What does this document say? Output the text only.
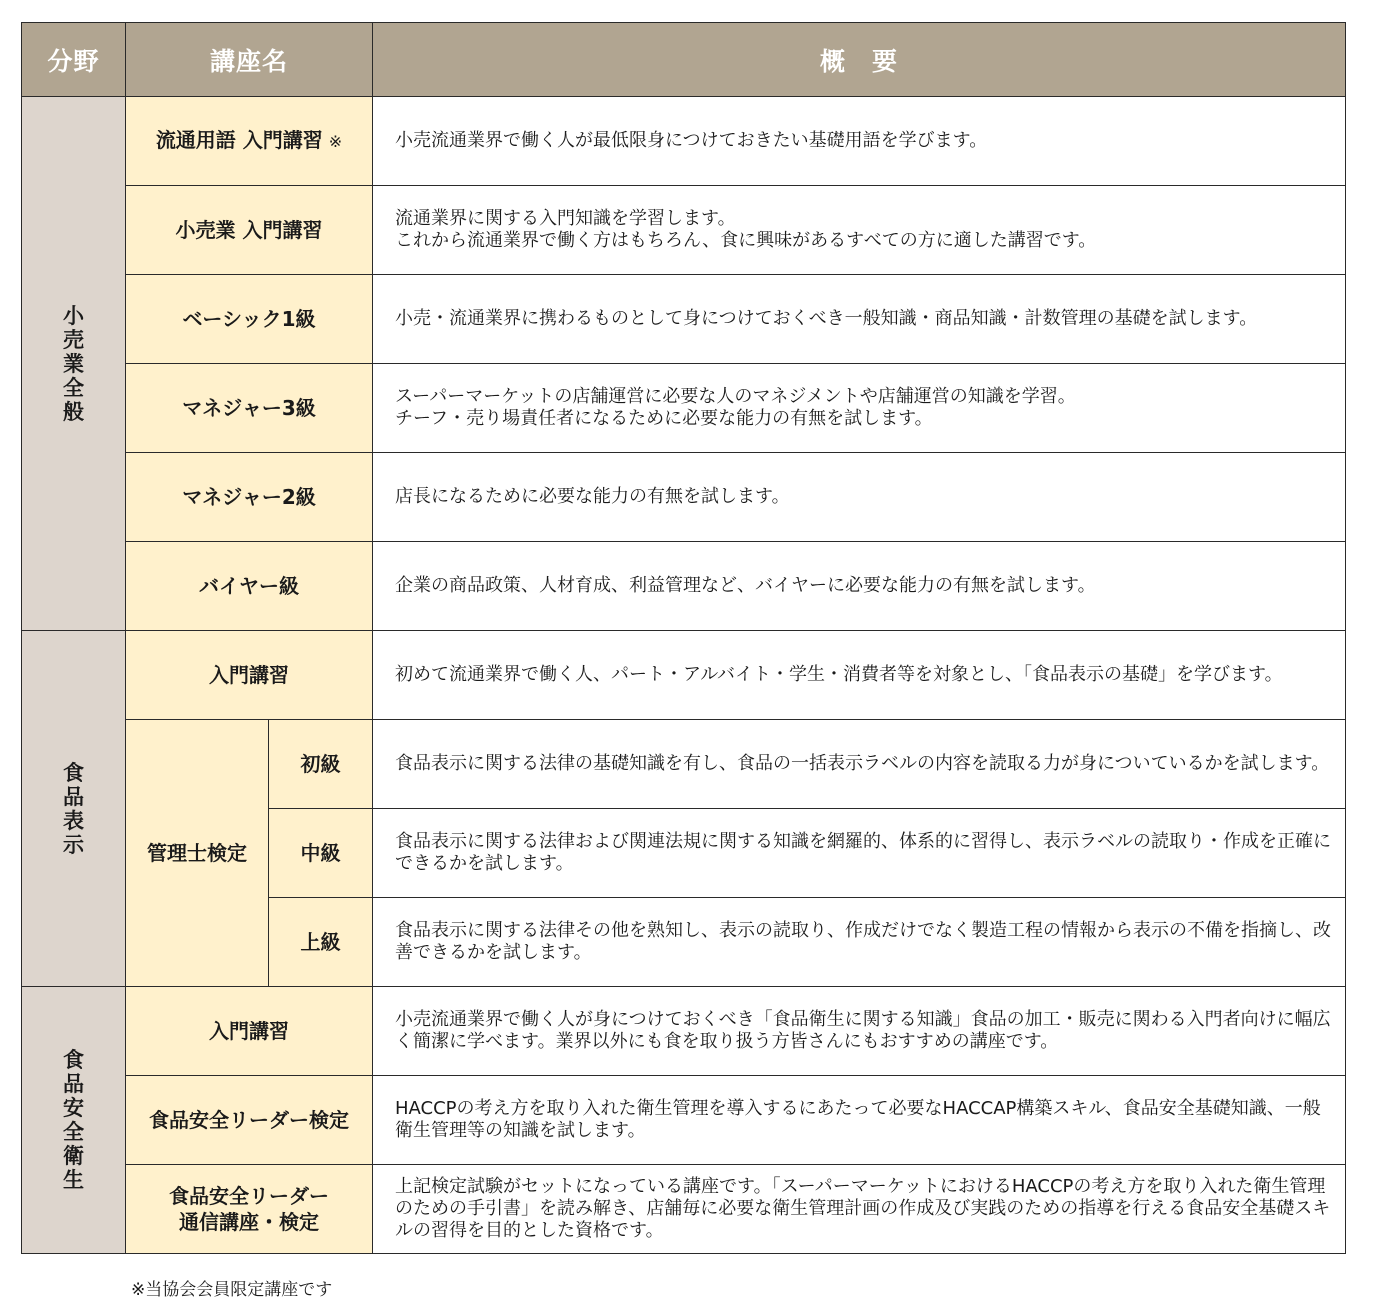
分野	講座名		概　要
小売業全般	流通用語 入門講習 ※		小売流通業界で働く人が最低限身につけておきたい基礎用語を学びます。
	小売業 入門講習		流通業界に関する入門知識を学習します。
これから流通業界で働く方はもちろん、食に興味があるすべての方に適した講習です。
	ベーシック1級		小売・流通業界に携わるものとして身につけておくべき一般知識・商品知識・計数管理の基礎を試します。
	マネジャー3級		スーパーマーケットの店舗運営に必要な人のマネジメントや店舗運営の知識を学習。
チーフ・売り場責任者になるために必要な能力の有無を試します。
	マネジャー2級		店長になるために必要な能力の有無を試します。
	バイヤー級		企業の商品政策、人材育成、利益管理など、バイヤーに必要な能力の有無を試します。
食品表示	入門講習		初めて流通業界で働く人、パート・アルバイト・学生・消費者等を対象とし、「食品表示の基礎」を学びます。
	管理士検定	初級	食品表示に関する法律の基礎知識を有し、食品の一括表示ラベルの内容を読取る力が身についているかを試します。
		中級	食品表示に関する法律および関連法規に関する知識を網羅的、体系的に習得し、表示ラベルの読取り・作成を正確にできるかを試します。
		上級	食品表示に関する法律その他を熟知し、表示の読取り、作成だけでなく製造工程の情報から表示の不備を指摘し、改善できるかを試します。
食品安全衛生	入門講習		小売流通業界で働く人が身につけておくべき「食品衛生に関する知識」食品の加工・販売に関わる入門者向けに幅広く簡潔に学べます。業界以外にも食を取り扱う方皆さんにもおすすめの講座です。
	食品安全リーダー検定		HACCPの考え方を取り入れた衛生管理を導入するにあたって必要なHACCAP構築スキル、食品安全基礎知識、一般衛生管理等の知識を試します。
	食品安全リーダー
通信講座・検定		上記検定試験がセットになっている講座です。「スーパーマーケットにおけるHACCPの考え方を取り入れた衛生管理のための手引書」を読み解き、店舗毎に必要な衛生管理計画の作成及び実践のための指導を行える食品安全基礎スキルの習得を目的とした資格です。
※当協会会員限定講座です
